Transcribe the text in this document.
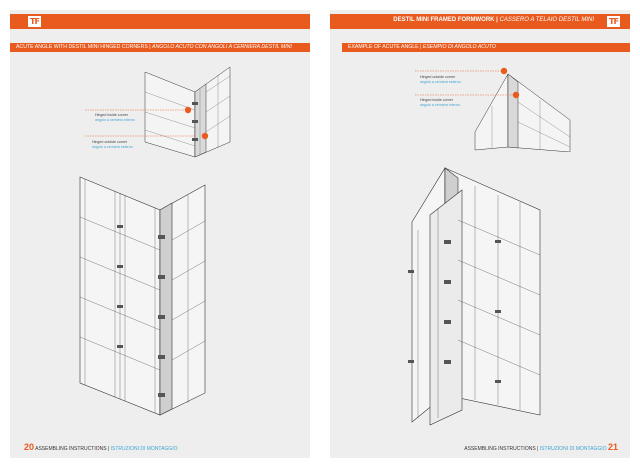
TF	DESTIL MINI FRAMED FORMWORK | CASSERO A TELAIO DESTIL MINI TF
ACUTE ANGLE WITH DESTIL MINI HINGED CORNERS | ANGOLO ACUTO CON ANGOLI A CERNIERA DESTIL MINI	EXAMPLE OF ACUTE ANGLE | ESEMPIO DI ANGOLO ACUTO
Hinged inside corner
angolo a cerniera interno
Hinged outside corner
angolo a cerniera esterno
Hinged outside corner
angolo a cerniera esterno
Hinged inside corner
angolo a cerniera interno
20 ASSEMBLING INSTRUCTIONS | ISTRUZIONI DI MONTAGGIO	ASSEMBLING INSTRUCTIONS | ISTRUZIONI DI MONTAGGIO 21
